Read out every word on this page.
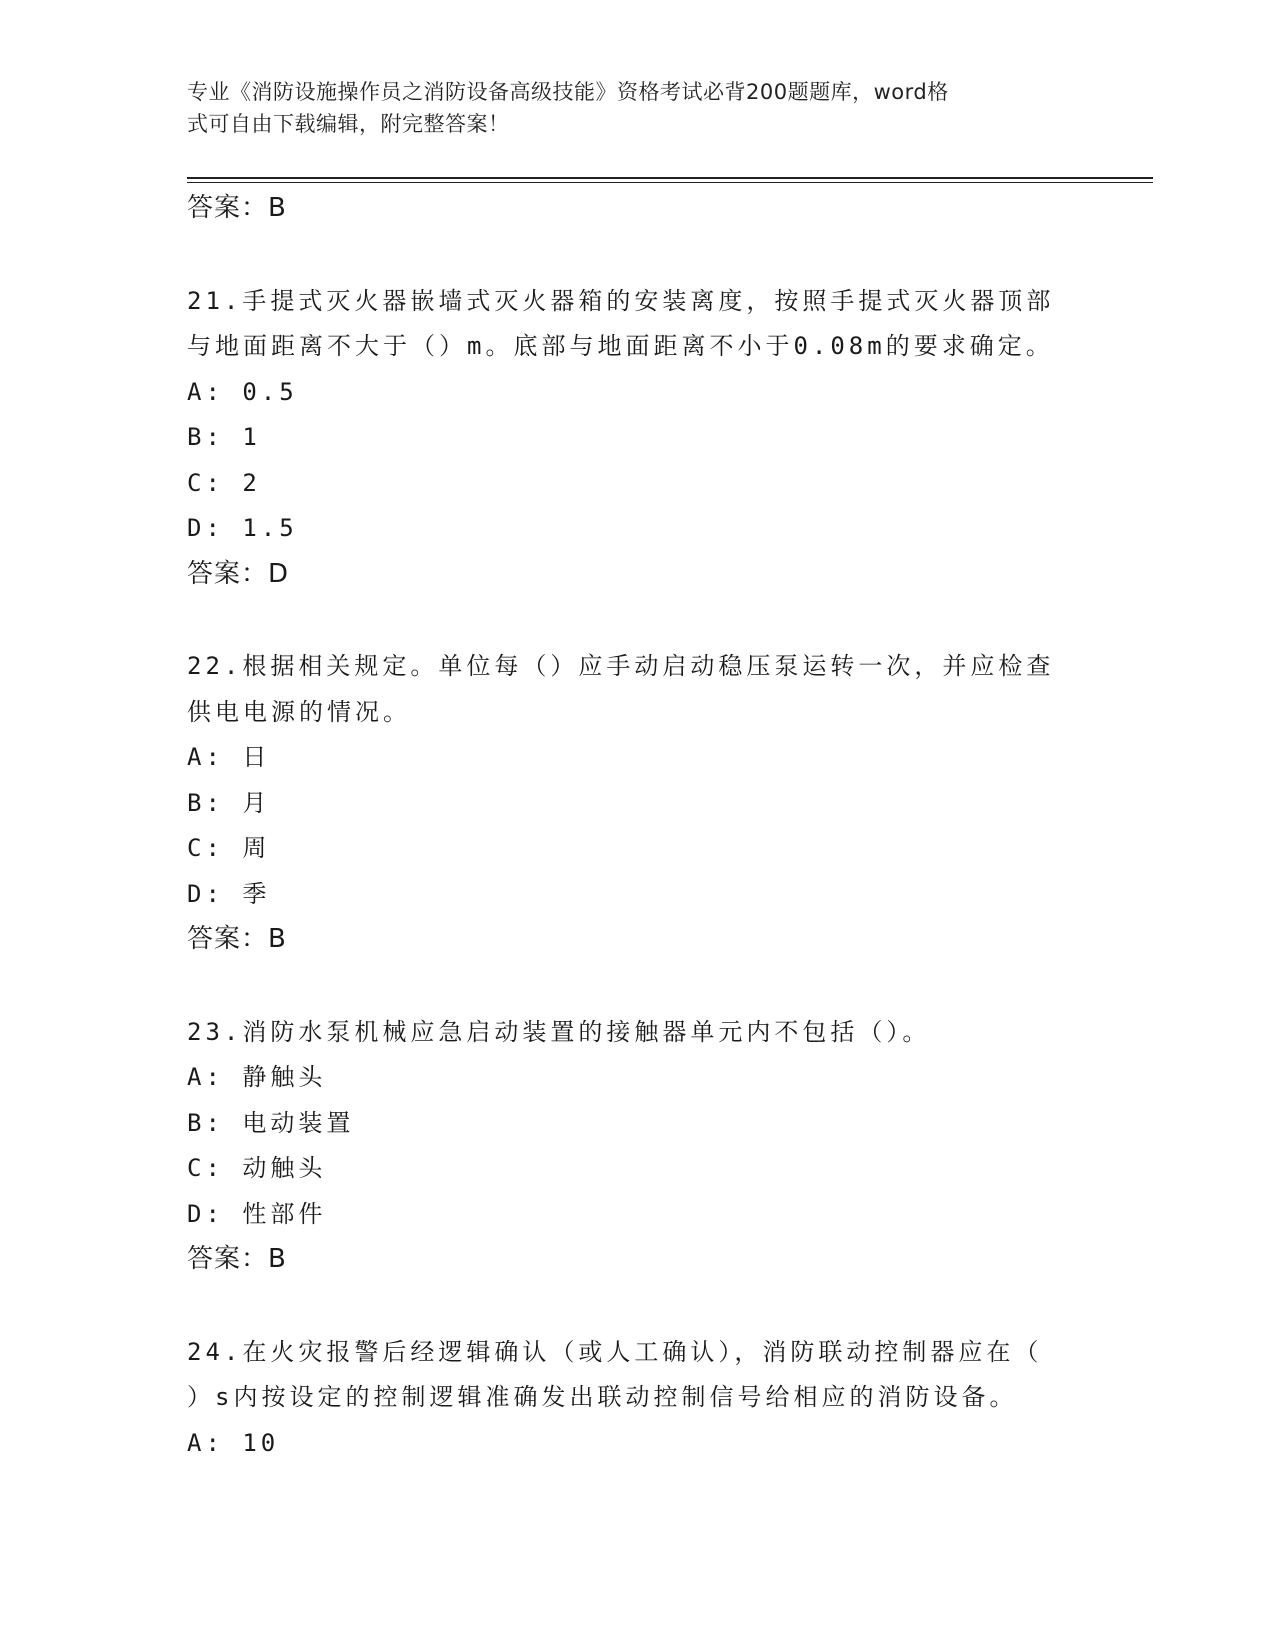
专业《消防设施操作员之消防设备高级技能》资格考试必背200题题库，word格
式可自由下载编辑，附完整答案！
答案：B
21.手提式灭火器嵌墙式灭火器箱的安装离度，按照手提式灭火器顶部
与地面距离不大于（）m。底部与地面距离不小于0.08m的要求确定。
A: 0.5
B: 1
C: 2
D: 1.5
答案：D
22.根据相关规定。单位每（）应手动启动稳压泵运转一次，并应检查
供电电源的情况。
A: 日
B: 月
C: 周
D: 季
答案：B
23.消防水泵机械应急启动装置的接触器单元内不包括（）。
A: 静触头
B: 电动装置
C: 动触头
D: 性部件
答案：B
24.在火灾报警后经逻辑确认（或人工确认），消防联动控制器应在（
）s内按设定的控制逻辑准确发出联动控制信号给相应的消防设备。
A: 10
